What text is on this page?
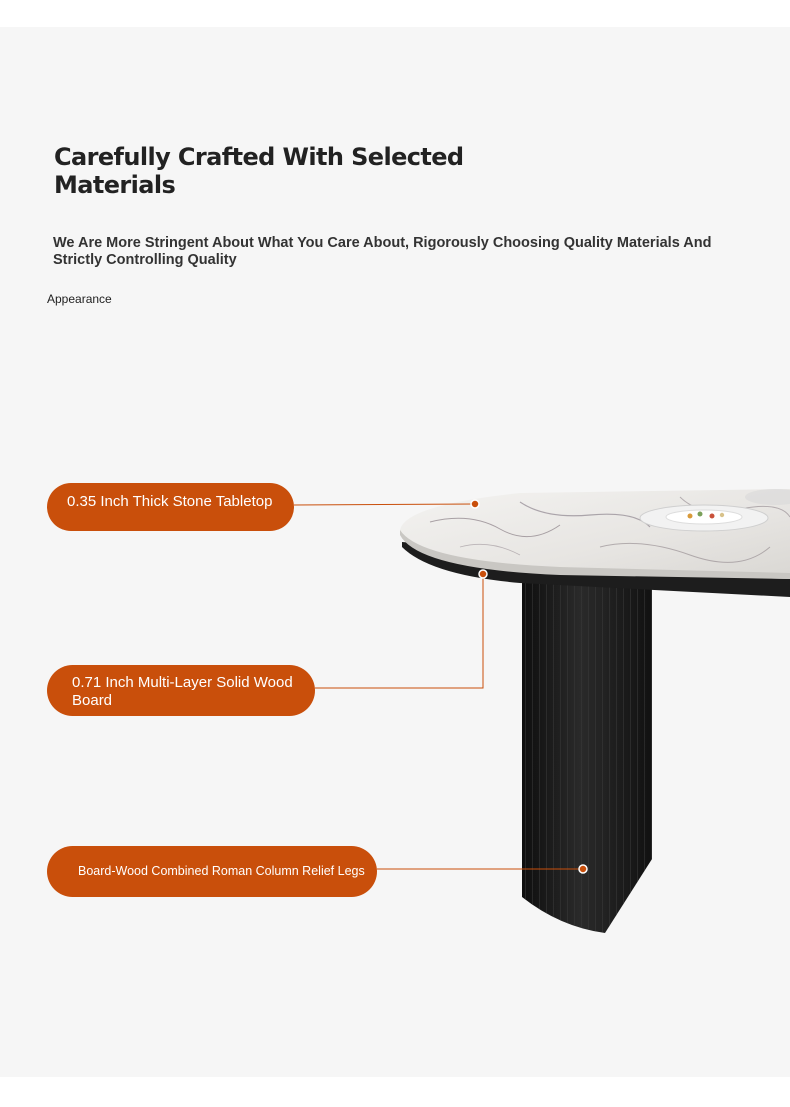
Carefully Crafted With Selected Materials

We Are More Stringent About What You Care About, Rigorously Choosing Quality Materials And Strictly Controlling Quality

Appearance

0.35 Inch Thick Stone Tabletop
0.71 Inch Multi-Layer Solid Wood Board
Board-Wood Combined Roman Column Relief Legs
